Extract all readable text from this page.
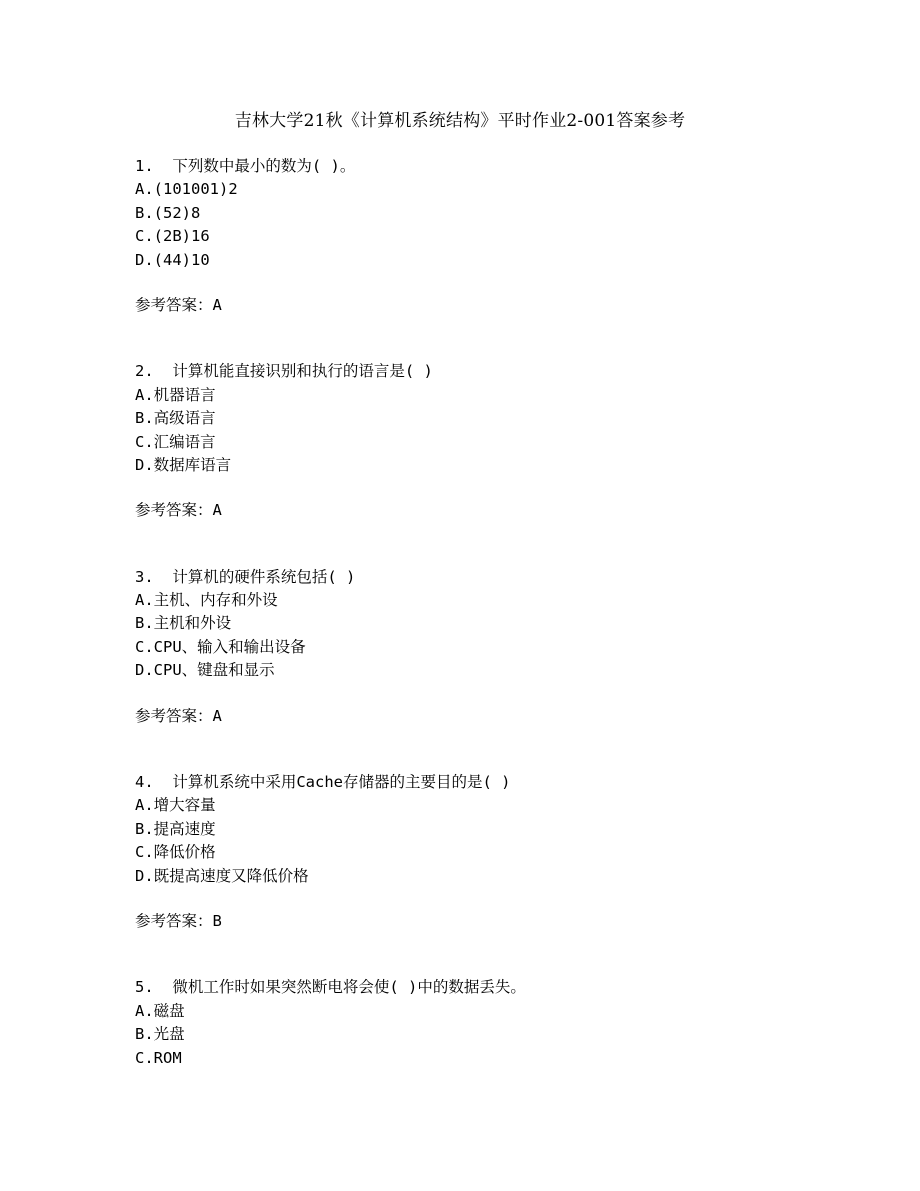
吉林大学21秋《计算机系统结构》平时作业2-001答案参考
1. 下列数中最小的数为( )。
A.(101001)2
B.(52)8
C.(2B)16
D.(44)10
参考答案：A
2. 计算机能直接识别和执行的语言是( )
A.机器语言
B.高级语言
C.汇编语言
D.数据库语言
参考答案：A
3. 计算机的硬件系统包括( )
A.主机、内存和外设
B.主机和外设
C.CPU、输入和输出设备
D.CPU、键盘和显示
参考答案：A
4. 计算机系统中采用Cache存储器的主要目的是( )
A.增大容量
B.提高速度
C.降低价格
D.既提高速度又降低价格
参考答案：B
5. 微机工作时如果突然断电将会使( )中的数据丢失。
A.磁盘
B.光盘
C.ROM
